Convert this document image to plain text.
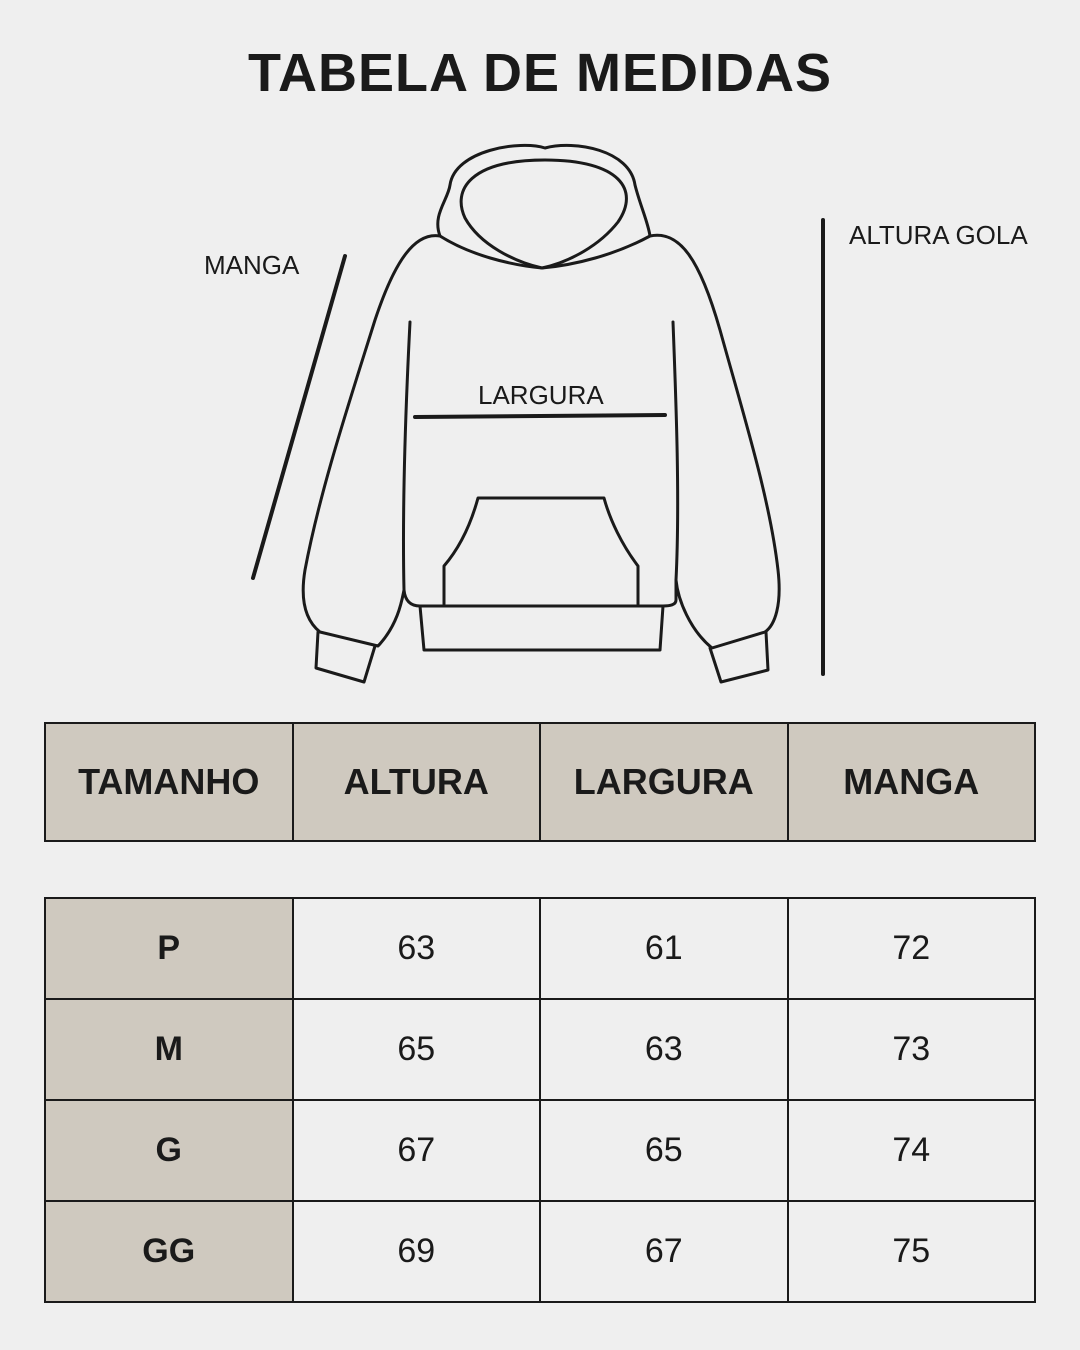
TABELA DE MEDIDAS
MANGA
LARGURA
ALTURA GOLA
TAMANHO	ALTURA	LARGURA	MANGA
P	63	61	72
M	65	63	73
G	67	65	74
GG	69	67	75
